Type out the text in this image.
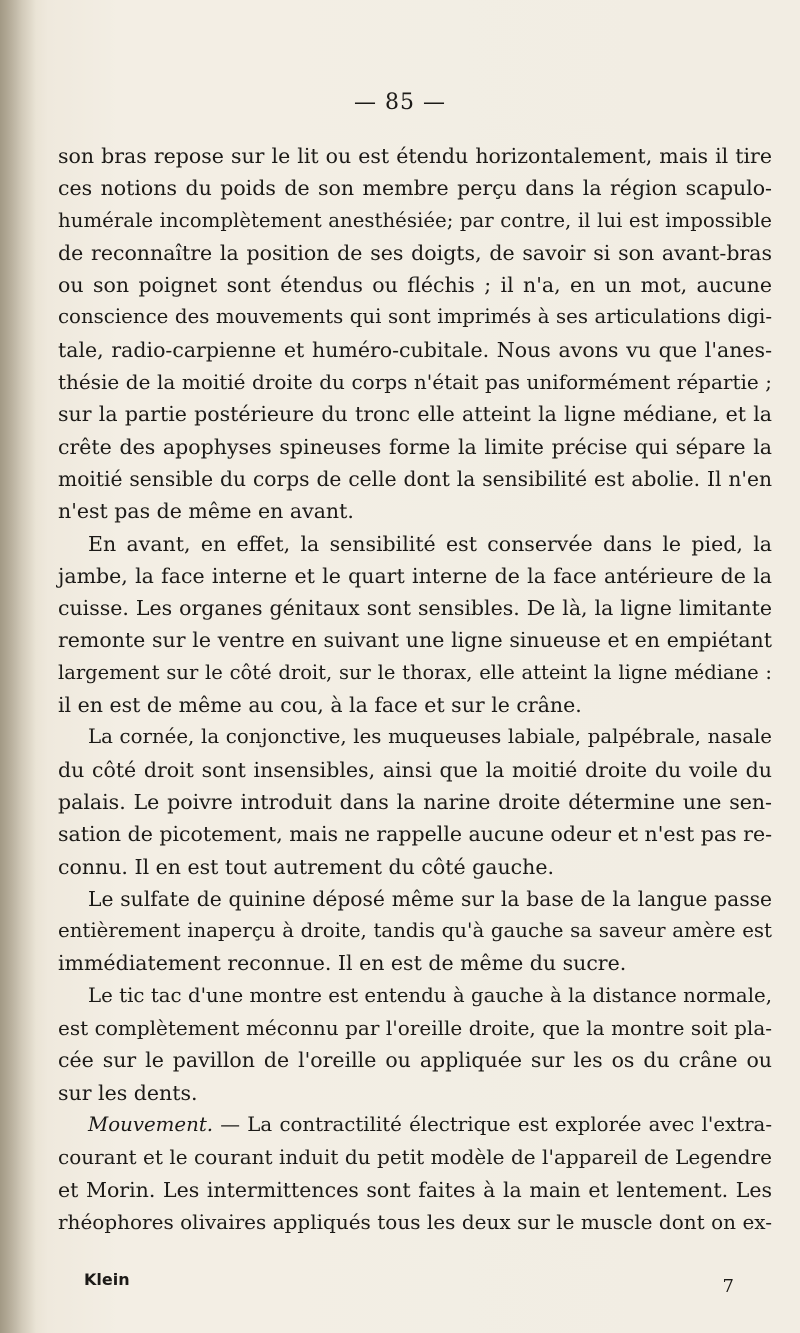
— 85 —
son bras repose sur le lit ou est étendu horizontalement, mais il tire
ces notions du poids de son membre perçu dans la région scapulo-
humérale incomplètement anesthésiée; par contre, il lui est impossible
de reconnaître la position de ses doigts, de savoir si son avant-bras
ou son poignet sont étendus ou fléchis ; il n'a, en un mot, aucune
conscience des mouvements qui sont imprimés à ses articulations digi-
tale, radio-carpienne et huméro-cubitale. Nous avons vu que l'anes-
thésie de la moitié droite du corps n'était pas uniformément répartie ;
sur la partie postérieure du tronc elle atteint la ligne médiane, et la
crête des apophyses spineuses forme la limite précise qui sépare la
moitié sensible du corps de celle dont la sensibilité est abolie. Il n'en
n'est pas de même en avant.
En avant, en effet, la sensibilité est conservée dans le pied, la
jambe, la face interne et le quart interne de la face antérieure de la
cuisse. Les organes génitaux sont sensibles. De là, la ligne limitante
remonte sur le ventre en suivant une ligne sinueuse et en empiétant
largement sur le côté droit, sur le thorax, elle atteint la ligne médiane :
il en est de même au cou, à la face et sur le crâne.
La cornée, la conjonctive, les muqueuses labiale, palpébrale, nasale
du côté droit sont insensibles, ainsi que la moitié droite du voile du
palais. Le poivre introduit dans la narine droite détermine une sen-
sation de picotement, mais ne rappelle aucune odeur et n'est pas re-
connu. Il en est tout autrement du côté gauche.
Le sulfate de quinine déposé même sur la base de la langue passe
entièrement inaperçu à droite, tandis qu'à gauche sa saveur amère est
immédiatement reconnue. Il en est de même du sucre.
Le tic tac d'une montre est entendu à gauche à la distance normale,
est complètement méconnu par l'oreille droite, que la montre soit pla-
cée sur le pavillon de l'oreille ou appliquée sur les os du crâne ou
sur les dents.
Mouvement. — La contractilité électrique est explorée avec l'extra-
courant et le courant induit du petit modèle de l'appareil de Legendre
et Morin. Les intermittences sont faites à la main et lentement. Les
rhéophores olivaires appliqués tous les deux sur le muscle dont on ex-
Klein	7
